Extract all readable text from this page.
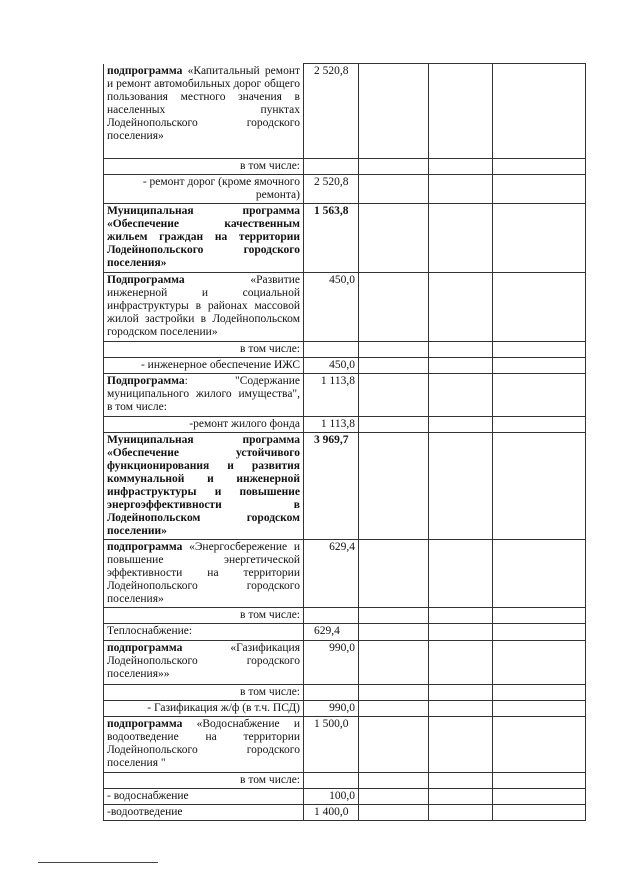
подпрограмма «Капитальный ремонт и ремонт автомобильных дорог общего пользования местного значения в населенных пунктах Лодейнопольского городского поселения»	2 520,8			
в том числе:				
- ремонт дорог (кроме ямочного ремонта)	2 520,8			
Муниципальная программа «Обеспечение качественным жильем граждан на территории Лодейнопольского городского поселения»	1 563,8			
Подпрограмма «Развитие инженерной и социальной инфраструктуры в районах массовой жилой застройки в Лодейнопольском городском поселении»	450,0			
в том числе:				
- инженерное обеспечение ИЖС	450,0			
Подпрограмма: "Содержание муниципального жилого имущества", в том числе:	1 113,8			
-ремонт жилого фонда	1 113,8			
Муниципальная программа «Обеспечение устойчивого функционирования и развития коммунальной и инженерной инфраструктуры и повышение энергоэффективности в Лодейнопольском городском поселении»	3 969,7			
подпрограмма «Энергосбережение и повышение энергетической эффективности на территории Лодейнопольского городского поселения»	629,4			
в том числе:				
Теплоснабжение:	629,4			
подпрограмма «Газификация Лодейнопольского городского поселения»»	990,0			
в том числе:				
- Газификация ж/ф (в т.ч. ПСД)	990,0			
подпрограмма «Водоснабжение и водоотведение на территории Лодейнопольского городского поселения "	1 500,0			
в том числе:				
- водоснабжение	100,0			
-водоотведение	1 400,0			
